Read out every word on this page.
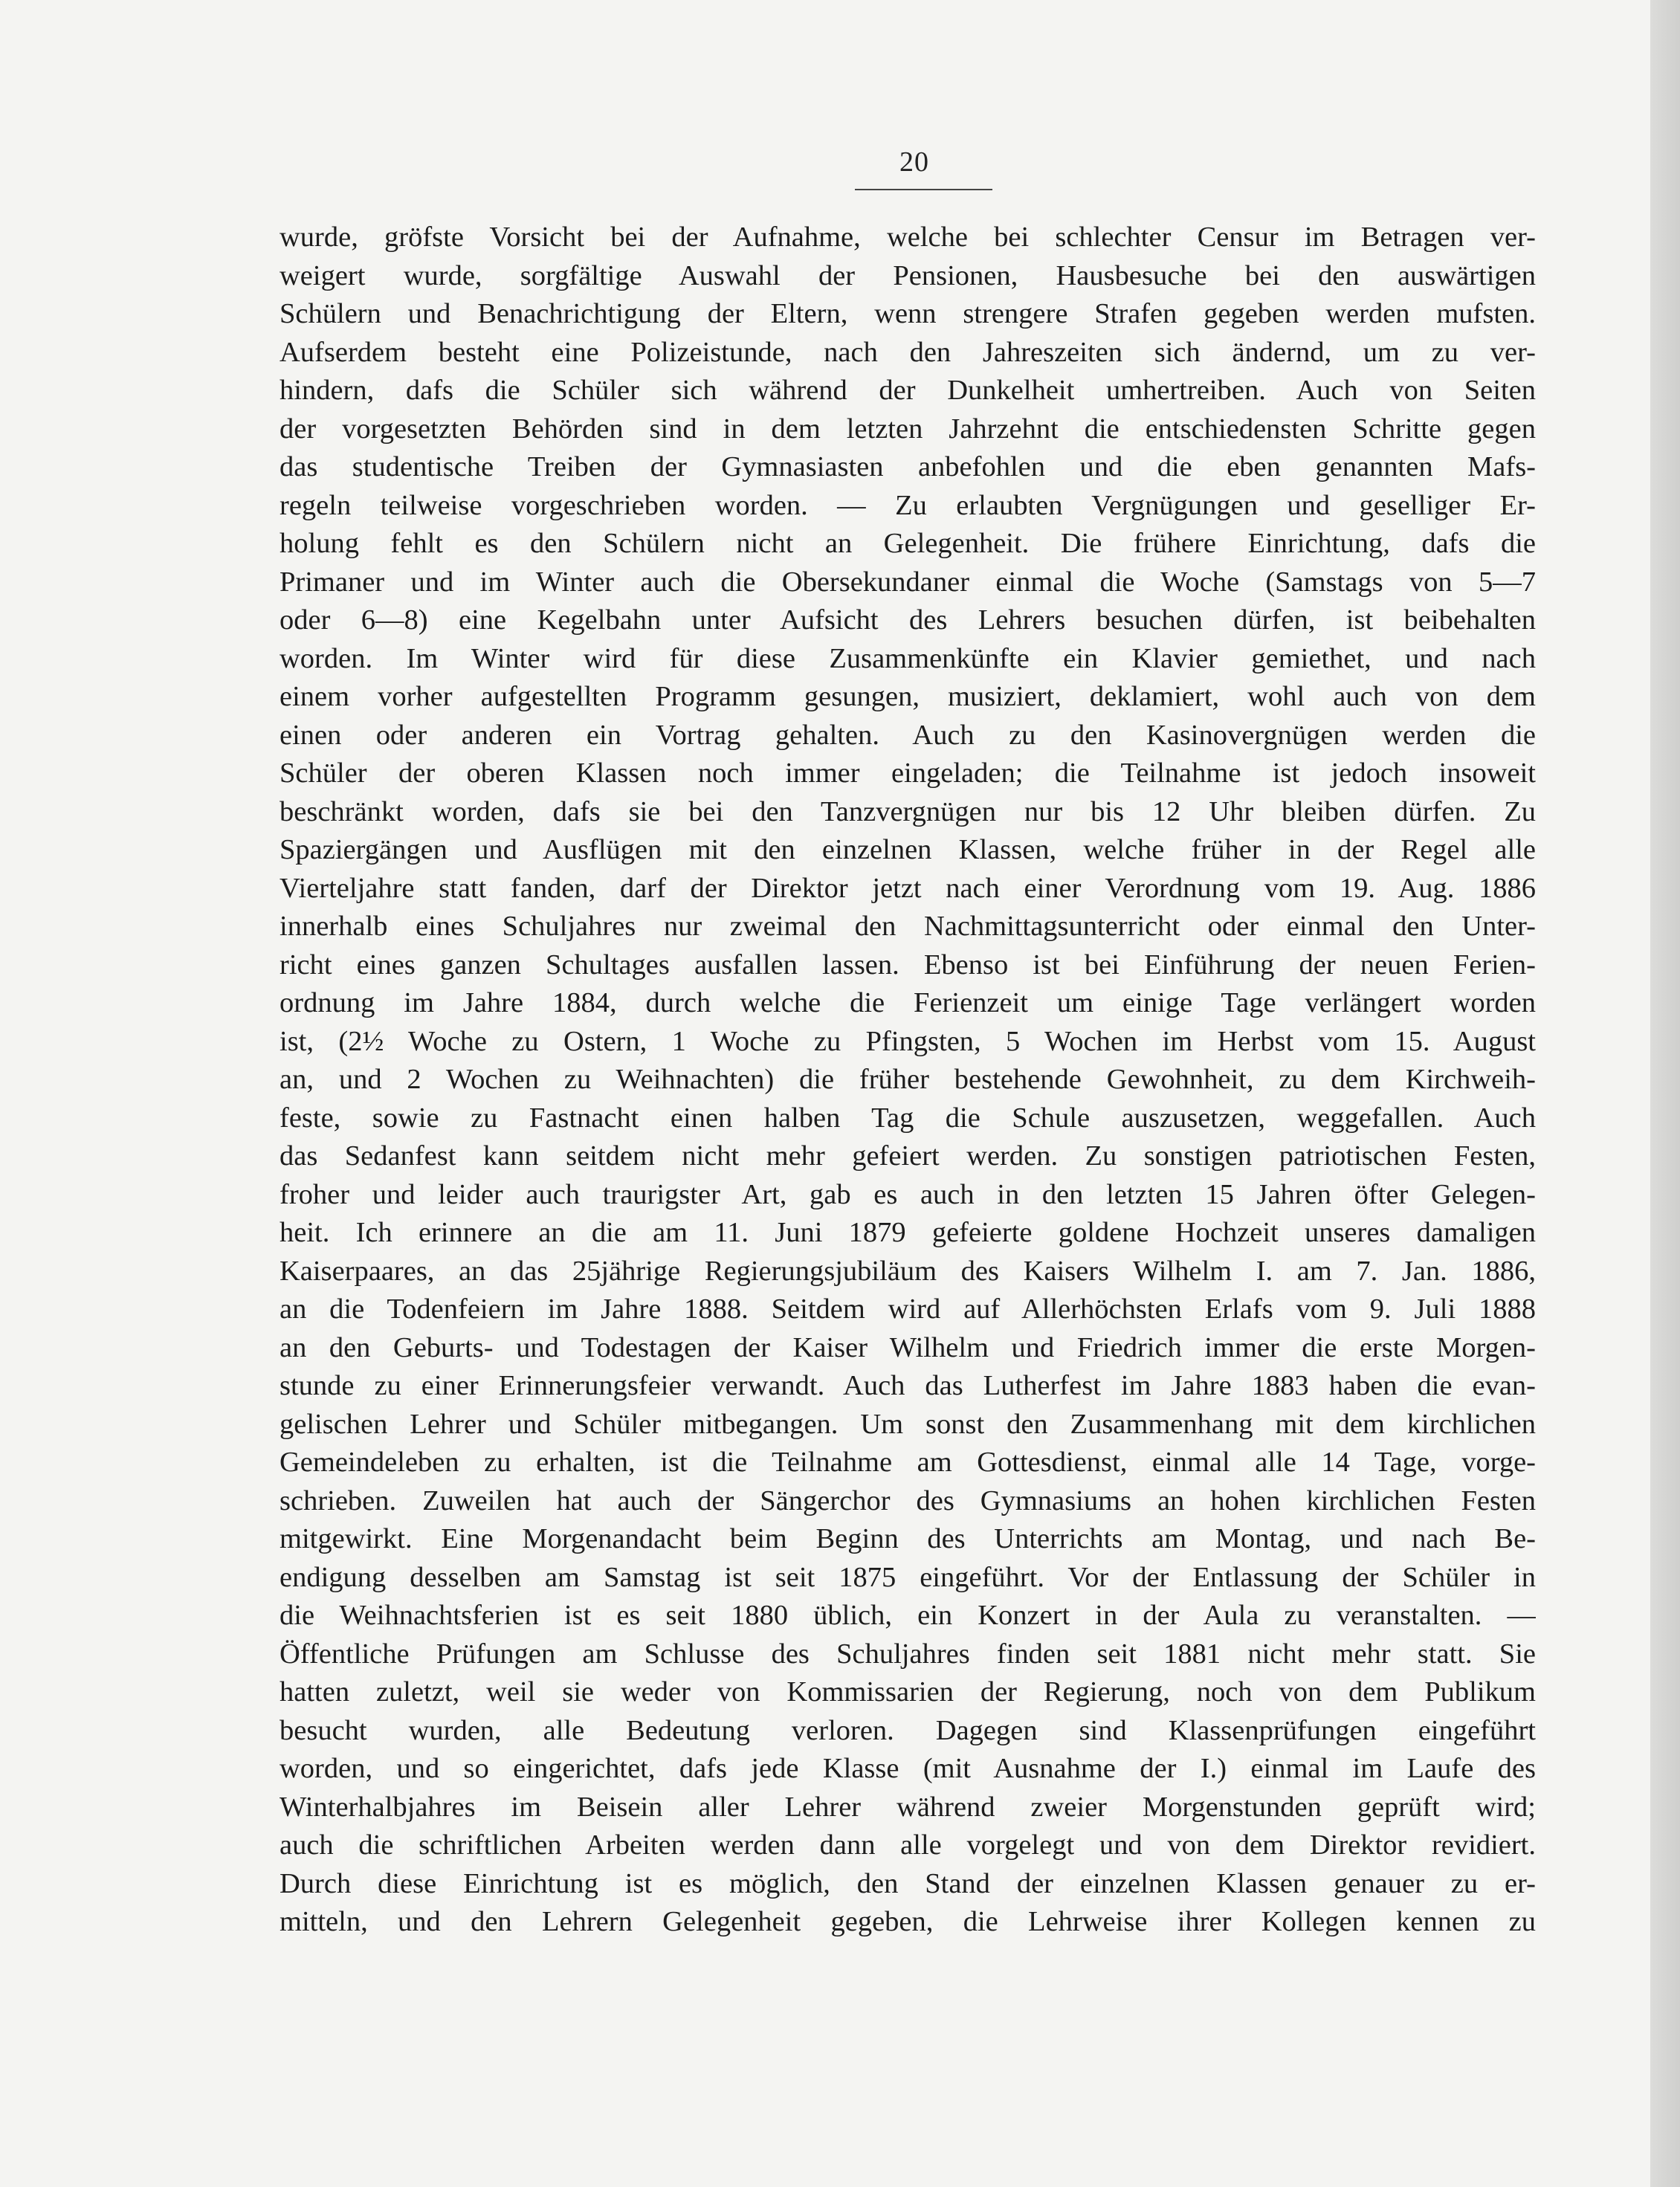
20
wurde, gröfste Vorsicht bei der Aufnahme, welche bei schlechter Censur im Betragen ver-
weigert wurde, sorgfältige Auswahl der Pensionen, Hausbesuche bei den auswärtigen
Schülern und Benachrichtigung der Eltern, wenn strengere Strafen gegeben werden mufsten.
Aufserdem besteht eine Polizeistunde, nach den Jahreszeiten sich ändernd, um zu ver-
hindern, dafs die Schüler sich während der Dunkelheit umhertreiben. Auch von Seiten
der vorgesetzten Behörden sind in dem letzten Jahrzehnt die entschiedensten Schritte gegen
das studentische Treiben der Gymnasiasten anbefohlen und die eben genannten Mafs-
regeln teilweise vorgeschrieben worden. — Zu erlaubten Vergnügungen und geselliger Er-
holung fehlt es den Schülern nicht an Gelegenheit. Die frühere Einrichtung, dafs die
Primaner und im Winter auch die Obersekundaner einmal die Woche (Samstags von 5—7
oder 6—8) eine Kegelbahn unter Aufsicht des Lehrers besuchen dürfen, ist beibehalten
worden. Im Winter wird für diese Zusammenkünfte ein Klavier gemiethet, und nach
einem vorher aufgestellten Programm gesungen, musiziert, deklamiert, wohl auch von dem
einen oder anderen ein Vortrag gehalten. Auch zu den Kasinovergnügen werden die
Schüler der oberen Klassen noch immer eingeladen; die Teilnahme ist jedoch insoweit
beschränkt worden, dafs sie bei den Tanzvergnügen nur bis 12 Uhr bleiben dürfen. Zu
Spaziergängen und Ausflügen mit den einzelnen Klassen, welche früher in der Regel alle
Vierteljahre statt fanden, darf der Direktor jetzt nach einer Verordnung vom 19. Aug. 1886
innerhalb eines Schuljahres nur zweimal den Nachmittagsunterricht oder einmal den Unter-
richt eines ganzen Schultages ausfallen lassen. Ebenso ist bei Einführung der neuen Ferien-
ordnung im Jahre 1884, durch welche die Ferienzeit um einige Tage verlängert worden
ist, (2½ Woche zu Ostern, 1 Woche zu Pfingsten, 5 Wochen im Herbst vom 15. August
an, und 2 Wochen zu Weihnachten) die früher bestehende Gewohnheit, zu dem Kirchweih-
feste, sowie zu Fastnacht einen halben Tag die Schule auszusetzen, weggefallen. Auch
das Sedanfest kann seitdem nicht mehr gefeiert werden. Zu sonstigen patriotischen Festen,
froher und leider auch traurigster Art, gab es auch in den letzten 15 Jahren öfter Gelegen-
heit. Ich erinnere an die am 11. Juni 1879 gefeierte goldene Hochzeit unseres damaligen
Kaiserpaares, an das 25jährige Regierungsjubiläum des Kaisers Wilhelm I. am 7. Jan. 1886,
an die Todenfeiern im Jahre 1888. Seitdem wird auf Allerhöchsten Erlafs vom 9. Juli 1888
an den Geburts- und Todestagen der Kaiser Wilhelm und Friedrich immer die erste Morgen-
stunde zu einer Erinnerungsfeier verwandt. Auch das Lutherfest im Jahre 1883 haben die evan-
gelischen Lehrer und Schüler mitbegangen. Um sonst den Zusammenhang mit dem kirchlichen
Gemeindeleben zu erhalten, ist die Teilnahme am Gottesdienst, einmal alle 14 Tage, vorge-
schrieben. Zuweilen hat auch der Sängerchor des Gymnasiums an hohen kirchlichen Festen
mitgewirkt. Eine Morgenandacht beim Beginn des Unterrichts am Montag, und nach Be-
endigung desselben am Samstag ist seit 1875 eingeführt. Vor der Entlassung der Schüler in
die Weihnachtsferien ist es seit 1880 üblich, ein Konzert in der Aula zu veranstalten. —
Öffentliche Prüfungen am Schlusse des Schuljahres finden seit 1881 nicht mehr statt. Sie
hatten zuletzt, weil sie weder von Kommissarien der Regierung, noch von dem Publikum
besucht wurden, alle Bedeutung verloren. Dagegen sind Klassenprüfungen eingeführt
worden, und so eingerichtet, dafs jede Klasse (mit Ausnahme der I.) einmal im Laufe des
Winterhalbjahres im Beisein aller Lehrer während zweier Morgenstunden geprüft wird;
auch die schriftlichen Arbeiten werden dann alle vorgelegt und von dem Direktor revidiert.
Durch diese Einrichtung ist es möglich, den Stand der einzelnen Klassen genauer zu er-
mitteln, und den Lehrern Gelegenheit gegeben, die Lehrweise ihrer Kollegen kennen zu
